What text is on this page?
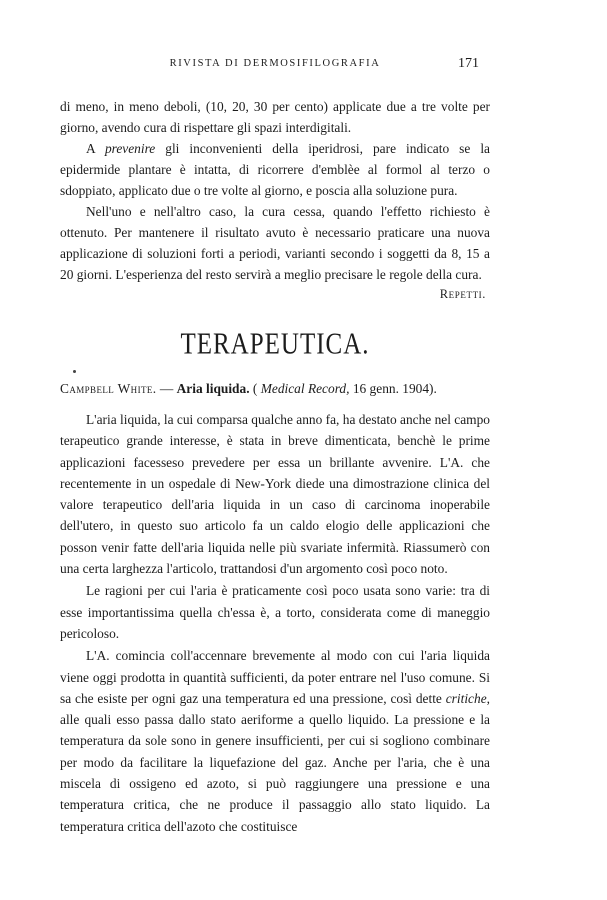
RIVISTA DI DERMOSIFILOGRAFIA	171

di meno, in meno deboli, (10, 20, 30 per cento) applicate due a tre volte per giorno, avendo cura di rispettare gli spazi interdigitali.

A prevenire gli inconvenienti della iperidrosi, pare indicato se la epidermide plantare è intatta, di ricorrere d'emblèe al formol al terzo o sdoppiato, applicato due o tre volte al giorno, e poscia alla soluzione pura.

Nell'uno e nell'altro caso, la cura cessa, quando l'effetto richiesto è ottenuto. Per mantenere il risultato avuto è necessario praticare una nuova applicazione di soluzioni forti a periodi, varianti secondo i soggetti da 8, 15 a 20 giorni. L'esperienza del resto servirà a meglio precisare le regole della cura.

Repetti.

TERAPEUTICA.
Campbell White. — Aria liquida. ( Medical Record, 16 genn. 1904).

L'aria liquida, la cui comparsa qualche anno fa, ha destato anche nel campo terapeutico grande interesse, è stata in breve dimenticata, benchè le prime applicazioni facesseso prevedere per essa un brillante avvenire. L'A. che recentemente in un ospedale di New-York diede una dimostrazione clinica del valore terapeutico dell'aria liquida in un caso di carcinoma inoperabile dell'utero, in questo suo articolo fa un caldo elogio delle applicazioni che posson venir fatte dell'aria liquida nelle più svariate infermità. Riassumerò con una certa larghezza l'articolo, trattandosi d'un argomento così poco noto.

Le ragioni per cui l'aria è praticamente così poco usata sono varie: tra di esse importantissima quella ch'essa è, a torto, considerata come di maneggio pericoloso.

L'A. comincia coll'accennare brevemente al modo con cui l'aria liquida viene oggi prodotta in quantità sufficienti, da poter entrare nel l'uso comune. Si sa che esiste per ogni gaz una temperatura ed una pressione, così dette critiche, alle quali esso passa dallo stato aeriforme a quello liquido. La pressione e la temperatura da sole sono in genere insufficienti, per cui si sogliono combinare per modo da facilitare la liquefazione del gaz. Anche per l'aria, che è una miscela di ossigeno ed azoto, si può raggiungere una pressione e una temperatura critica, che ne produce il passaggio allo stato liquido. La temperatura critica dell'azoto che costituisce
